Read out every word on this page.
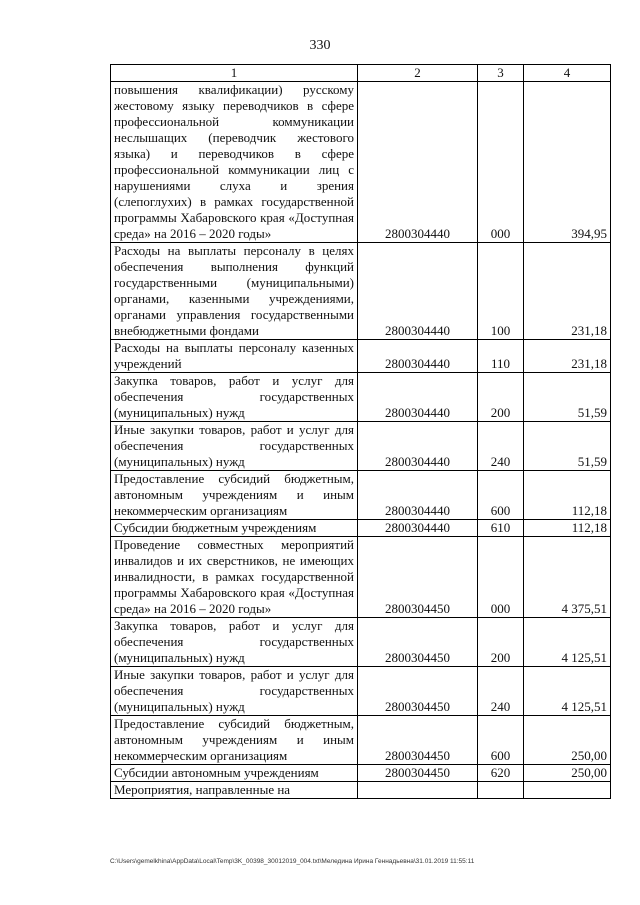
330
1	2	3	4
повышения квалификации) русскому жестовому языку переводчиков в сфере профессиональной коммуникации неслышащих (переводчик жестового языка) и переводчиков в сфере профессиональной коммуникации лиц с нарушениями слуха и зрения (слепоглухих) в рамках государственной программы Хабаровского края «Доступная среда» на 2016 – 2020 годы»	2800304440	000	394,95
Расходы на выплаты персоналу в целях обеспечения выполнения функций государственными (муниципальными) органами, казенными учреждениями, органами управления государственными внебюджетными фондами	2800304440	100	231,18
Расходы на выплаты персоналу казенных учреждений	2800304440	110	231,18
Закупка товаров, работ и услуг для обеспечения государственных (муниципальных) нужд	2800304440	200	51,59
Иные закупки товаров, работ и услуг для обеспечения государственных (муниципальных) нужд	2800304440	240	51,59
Предоставление субсидий бюджетным, автономным учреждениям и иным некоммерческим организациям	2800304440	600	112,18
Субсидии бюджетным учреждениям	2800304440	610	112,18
Проведение совместных мероприятий инвалидов и их сверстников, не имеющих инвалидности, в рамках государственной программы Хабаровского края «Доступная среда» на 2016 – 2020 годы»	2800304450	000	4 375,51
Закупка товаров, работ и услуг для обеспечения государственных (муниципальных) нужд	2800304450	200	4 125,51
Иные закупки товаров, работ и услуг для обеспечения государственных (муниципальных) нужд	2800304450	240	4 125,51
Предоставление субсидий бюджетным, автономным учреждениям и иным некоммерческим организациям	2800304450	600	250,00
Субсидии автономным учреждениям	2800304450	620	250,00
Мероприятия, направленные на			
C:\Users\gemelkhina\AppData\Local\Temp\3K_00398_30012019_004.txt\Меледина Ирина Геннадьевна\31.01.2019 11:55:11
